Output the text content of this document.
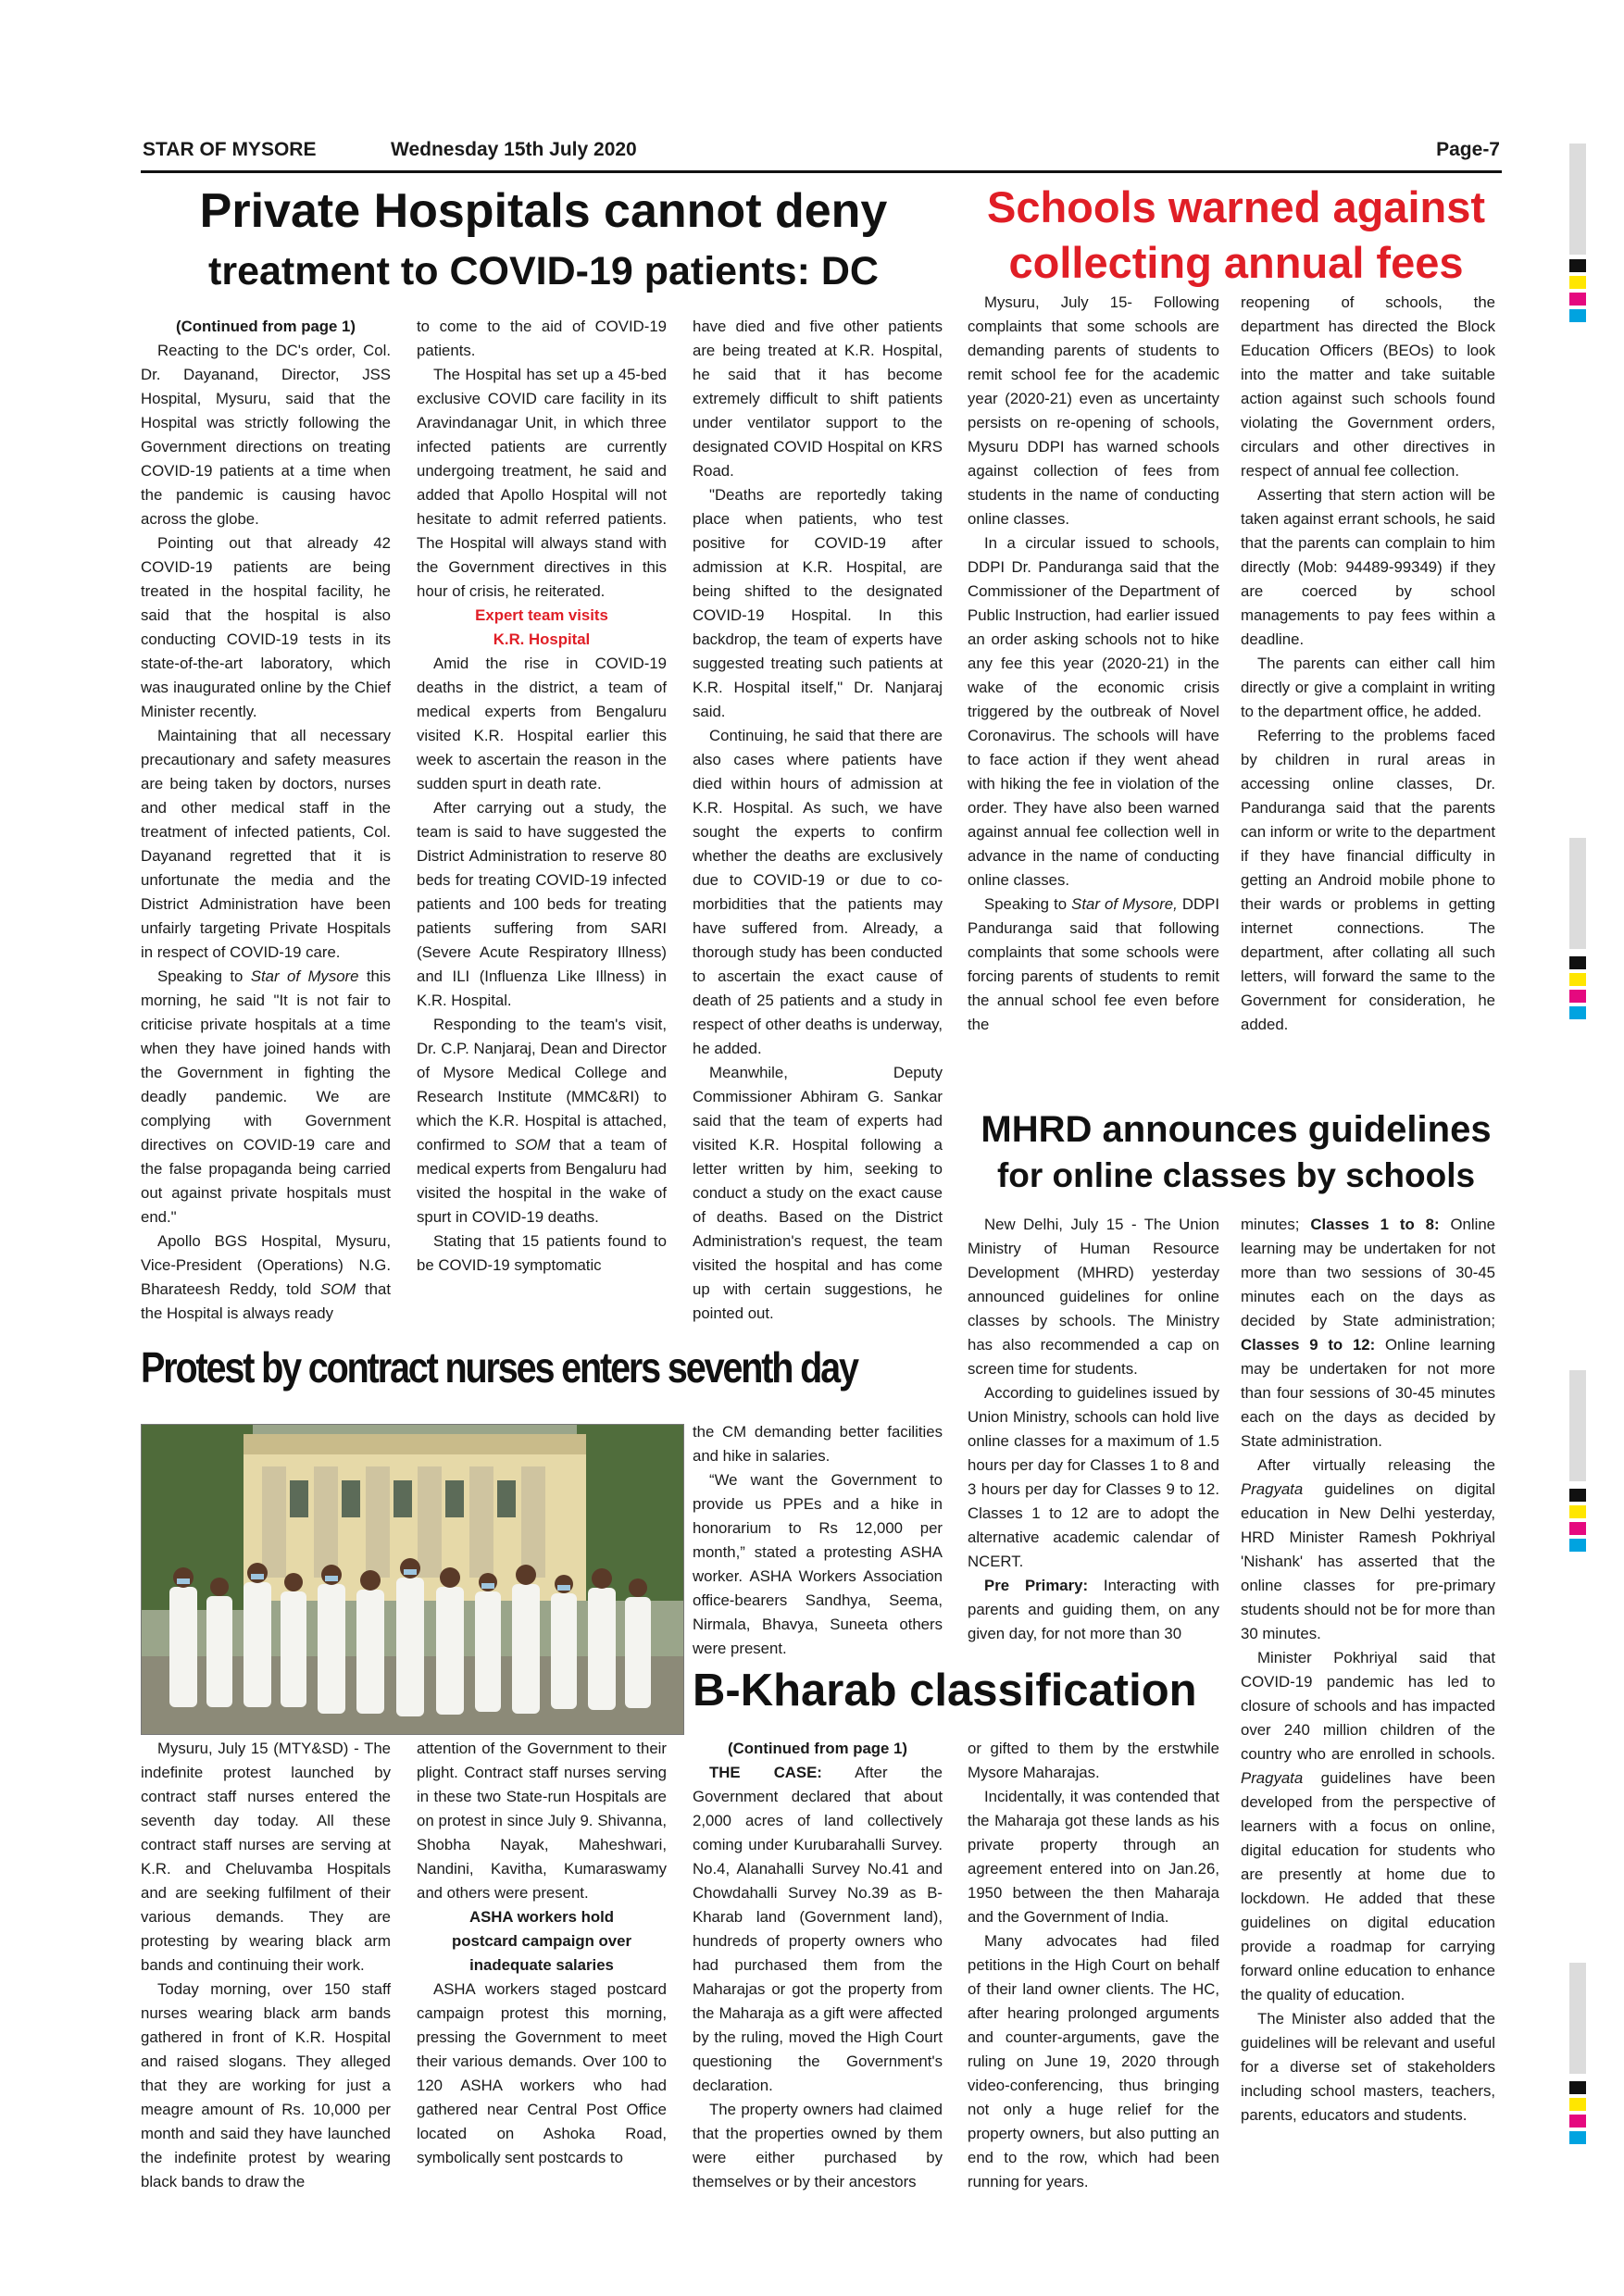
STAR OF MYSORE	Wednesday 15th July 2020	Page-7
Private Hospitals cannot deny
treatment to COVID-19 patients: DC
Schools warned against
collecting annual fees

(Continued from page 1)

Reacting to the DC's order, Col. Dr. Dayanand, Director, JSS Hospital, Mysuru, said that the Hospital was strictly following the Government directions on treating COVID-19 patients at a time when the pandemic is causing havoc across the globe.

Pointing out that already 42 COVID-19 patients are being treated in the hospital facility, he said that the hospital is also conducting COVID-19 tests in its state-of-the-art laboratory, which was inaugurated online by the Chief Minister recently.

Maintaining that all necessary precautionary and safety measures are being taken by doctors, nurses and other medical staff in the treatment of infected patients, Col. Dayanand regretted that it is unfortunate the media and the District Administration have been unfairly targeting Private Hospitals in respect of COVID-19 care.

Speaking to Star of Mysore this morning, he said "It is not fair to criticise private hospitals at a time when they have joined hands with the Government in fighting the deadly pandemic. We are complying with Government directives on COVID-19 care and the false propaganda being carried out against private hospitals must end."

Apollo BGS Hospital, Mysuru, Vice-President (Operations) N.G. Bharateesh Reddy, told SOM that the Hospital is always ready

to come to the aid of COVID-19 patients.

The Hospital has set up a 45-bed exclusive COVID care facility in its Aravindanagar Unit, in which three infected patients are currently undergoing treatment, he said and added that Apollo Hospital will not hesitate to admit referred patients. The Hospital will always stand with the Government directives in this hour of crisis, he reiterated.

Expert team visits

K.R. Hospital

Amid the rise in COVID-19 deaths in the district, a team of medical experts from Bengaluru visited K.R. Hospital earlier this week to ascertain the reason in the sudden spurt in death rate.

After carrying out a study, the team is said to have suggested the District Administration to reserve 80 beds for treating COVID-19 infected patients and 100 beds for treating patients suffering from SARI (Severe Acute Respiratory Illness) and ILI (Influenza Like Illness) in K.R. Hospital.

Responding to the team's visit, Dr. C.P. Nanjaraj, Dean and Director of Mysore Medical College and Research Institute (MMC&RI) to which the K.R. Hospital is attached, confirmed to SOM that a team of medical experts from Bengaluru had visited the hospital in the wake of spurt in COVID-19 deaths.

Stating that 15 patients found to be COVID-19 symptomatic

have died and five other patients are being treated at K.R. Hospital, he said that it has become extremely difficult to shift patients under ventilator support to the designated COVID Hospital on KRS Road.

"Deaths are reportedly taking place when patients, who test positive for COVID-19 after admission at K.R. Hospital, are being shifted to the designated COVID-19 Hospital. In this backdrop, the team of experts have suggested treating such patients at K.R. Hospital itself," Dr. Nanjaraj said.

Continuing, he said that there are also cases where patients have died within hours of admission at K.R. Hospital. As such, we have sought the experts to confirm whether the deaths are exclusively due to COVID-19 or due to co-morbidities that the patients may have suffered from. Already, a thorough study has been conducted to ascertain the exact cause of death of 25 patients and a study in respect of other deaths is underway, he added.

Meanwhile, Deputy Commissioner Abhiram G. Sankar said that the team of experts had visited K.R. Hospital following a letter written by him, seeking to conduct a study on the exact cause of deaths. Based on the District Administration's request, the team visited the hospital and has come up with certain suggestions, he pointed out.

Mysuru, July 15- Following complaints that some schools are demanding parents of students to remit school fee for the academic year (2020-21) even as uncertainty persists on re-opening of schools, Mysuru DDPI has warned schools against collection of fees from students in the name of conducting online classes.

In a circular issued to schools, DDPI Dr. Panduranga said that the Commissioner of the Department of Public Instruction, had earlier issued an order asking schools not to hike any fee this year (2020-21) in the wake of the economic crisis triggered by the outbreak of Novel Coronavirus. The schools will have to face action if they went ahead with hiking the fee in violation of the order. They have also been warned against annual fee collection well in advance in the name of conducting online classes.

Speaking to Star of Mysore, DDPI Panduranga said that following complaints that some schools were forcing parents of students to remit the annual school fee even before the

reopening of schools, the department has directed the Block Education Officers (BEOs) to look into the matter and take suitable action against such schools found violating the Government orders, circulars and other directives in respect of annual fee collection.

Asserting that stern action will be taken against errant schools, he said that the parents can complain to him directly (Mob: 94489-99349) if they are coerced by school managements to pay fees within a deadline.

The parents can either call him directly or give a complaint in writing to the department office, he added.

Referring to the problems faced by children in rural areas in accessing online classes, Dr. Panduranga said that the parents can inform or write to the department if they have financial difficulty in getting an Android mobile phone to their wards or problems in getting internet connections. The department, after collating all such letters, will forward the same to the Government for consideration, he added.

MHRD announces guidelines
for online classes by schools

New Delhi, July 15 - The Union Ministry of Human Resource Development (MHRD) yesterday announced guidelines for online classes by schools. The Ministry has also recommended a cap on screen time for students.

According to guidelines issued by Union Ministry, schools can hold live online classes for a maximum of 1.5 hours per day for Classes 1 to 8 and 3 hours per day for Classes 9 to 12. Classes 1 to 12 are to adopt the alternative academic calendar of NCERT.

Pre Primary: Interacting with parents and guiding them, on any given day, for not more than 30

minutes; Classes 1 to 8: Online learning may be undertaken for not more than two sessions of 30-45 minutes each on the days as decided by State administration; Classes 9 to 12: Online learning may be undertaken for not more than four sessions of 30-45 minutes each on the days as decided by State administration.

After virtually releasing the Pragyata guidelines on digital education in New Delhi yesterday, HRD Minister Ramesh Pokhriyal 'Nishank' has asserted that the online classes for pre-primary students should not be for more than 30 minutes.

Minister Pokhriyal said that COVID-19 pandemic has led to closure of schools and has impacted over 240 million children of the country who are enrolled in schools. Pragyata guidelines have been developed from the perspective of learners with a focus on online, digital education for students who are presently at home due to lockdown. He added that these guidelines on digital education provide a roadmap for carrying forward online education to enhance the quality of education.

The Minister also added that the guidelines will be relevant and useful for a diverse set of stakeholders including school masters, teachers, parents, educators and students.

Protest by contract nurses enters seventh day

Mysuru, July 15 (MTY&SD) - The indefinite protest launched by contract staff nurses entered the seventh day today. All these contract staff nurses are serving at K.R. and Cheluvamba Hospitals and are seeking fulfilment of their various demands. They are protesting by wearing black arm bands and continuing their work.

Today morning, over 150 staff nurses wearing black arm bands gathered in front of K.R. Hospital and raised slogans. They alleged that they are working for just a meagre amount of Rs. 10,000 per month and said they have launched the indefinite protest by wearing black bands to draw the

attention of the Government to their plight. Contract staff nurses serving in these two State-run Hospitals are on protest in since July 9. Shivanna, Shobha Nayak, Maheshwari, Nandini, Kavitha, Kumaraswamy and others were present.

ASHA workers hold

postcard campaign over

inadequate salaries

ASHA workers staged postcard campaign protest this morning, pressing the Government to meet their various demands. Over 100 to 120 ASHA workers who had gathered near Central Post Office located on Ashoka Road, symbolically sent postcards to

the CM demanding better facilities and hike in salaries.

“We want the Government to provide us PPEs and a hike in honorarium to Rs 12,000 per month,” stated a protesting ASHA worker. ASHA Workers Association office-bearers Sandhya, Seema, Nirmala, Bhavya, Suneeta others were present.

B-Kharab classification

(Continued from page 1)

THE CASE: After the Government declared that about 2,000 acres of land collectively coming under Kurubarahalli Survey. No.4, Alanahalli Survey No.41 and Chowdahalli Survey No.39 as B-Kharab land (Government land), hundreds of property owners who had purchased them from the Maharajas or got the property from the Maharaja as a gift were affected by the ruling, moved the High Court questioning the Government's declaration.

The property owners had claimed that the properties owned by them were either purchased by themselves or by their ancestors

or gifted to them by the erstwhile Mysore Maharajas.

Incidentally, it was contended that the Maharaja got these lands as his private property through an agreement entered into on Jan.26, 1950 between the then Maharaja and the Government of India.

Many advocates had filed petitions in the High Court on behalf of their land owner clients. The HC, after hearing prolonged arguments and counter-arguments, gave the ruling on June 19, 2020 through video-conferencing, thus bringing not only a huge relief for the property owners, but also putting an end to the row, which had been running for years.
